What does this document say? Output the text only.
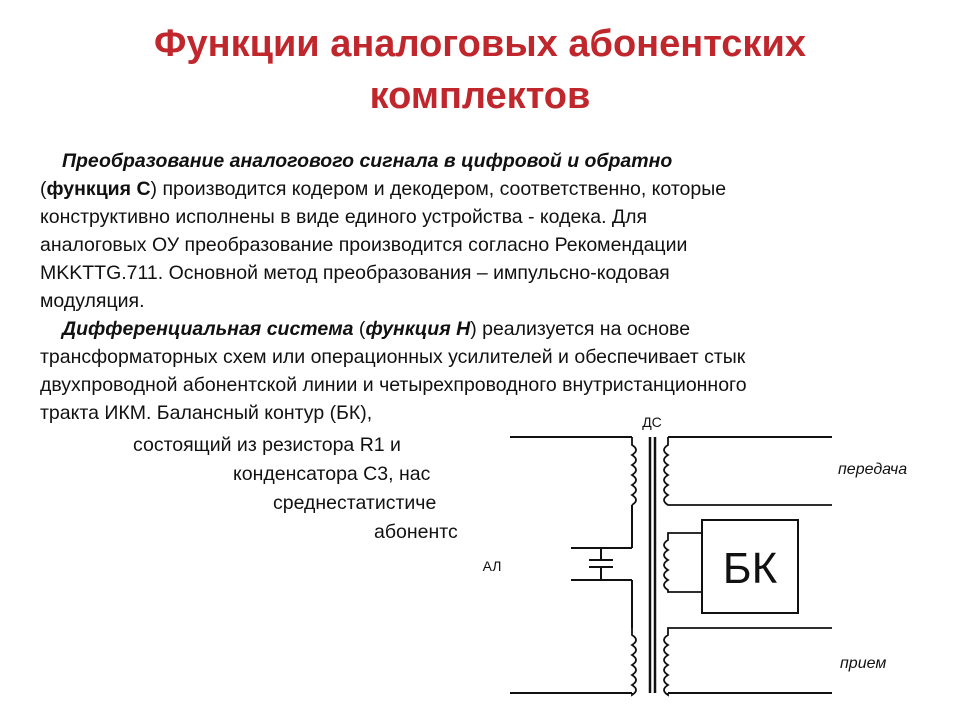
Функции аналоговых абонентских
комплектов
Преобразование аналогового сигнала в цифровой и обратно
(функция С) производится кодером и декодером, соответственно, которые
конструктивно исполнены в виде единого устройства - кодека. Для
аналоговых ОУ преобразование производится согласно Рекомендации
MKKTTG.711. Основной метод преобразования – импульсно-кодовая
модуляция.
Дифференциальная система (функция Н) реализуется на основе
трансформаторных схем или операционных усилителей и обеспечивает стык
двухпроводной абонентской линии и четырехпроводного внутристанционного
тракта ИКМ. Балансный контур (БК),
состоящий из резистора R1 и
конденсатора С3, нас
среднестатистиче
абонентс
ДС
АЛ	БК
передача
прием
